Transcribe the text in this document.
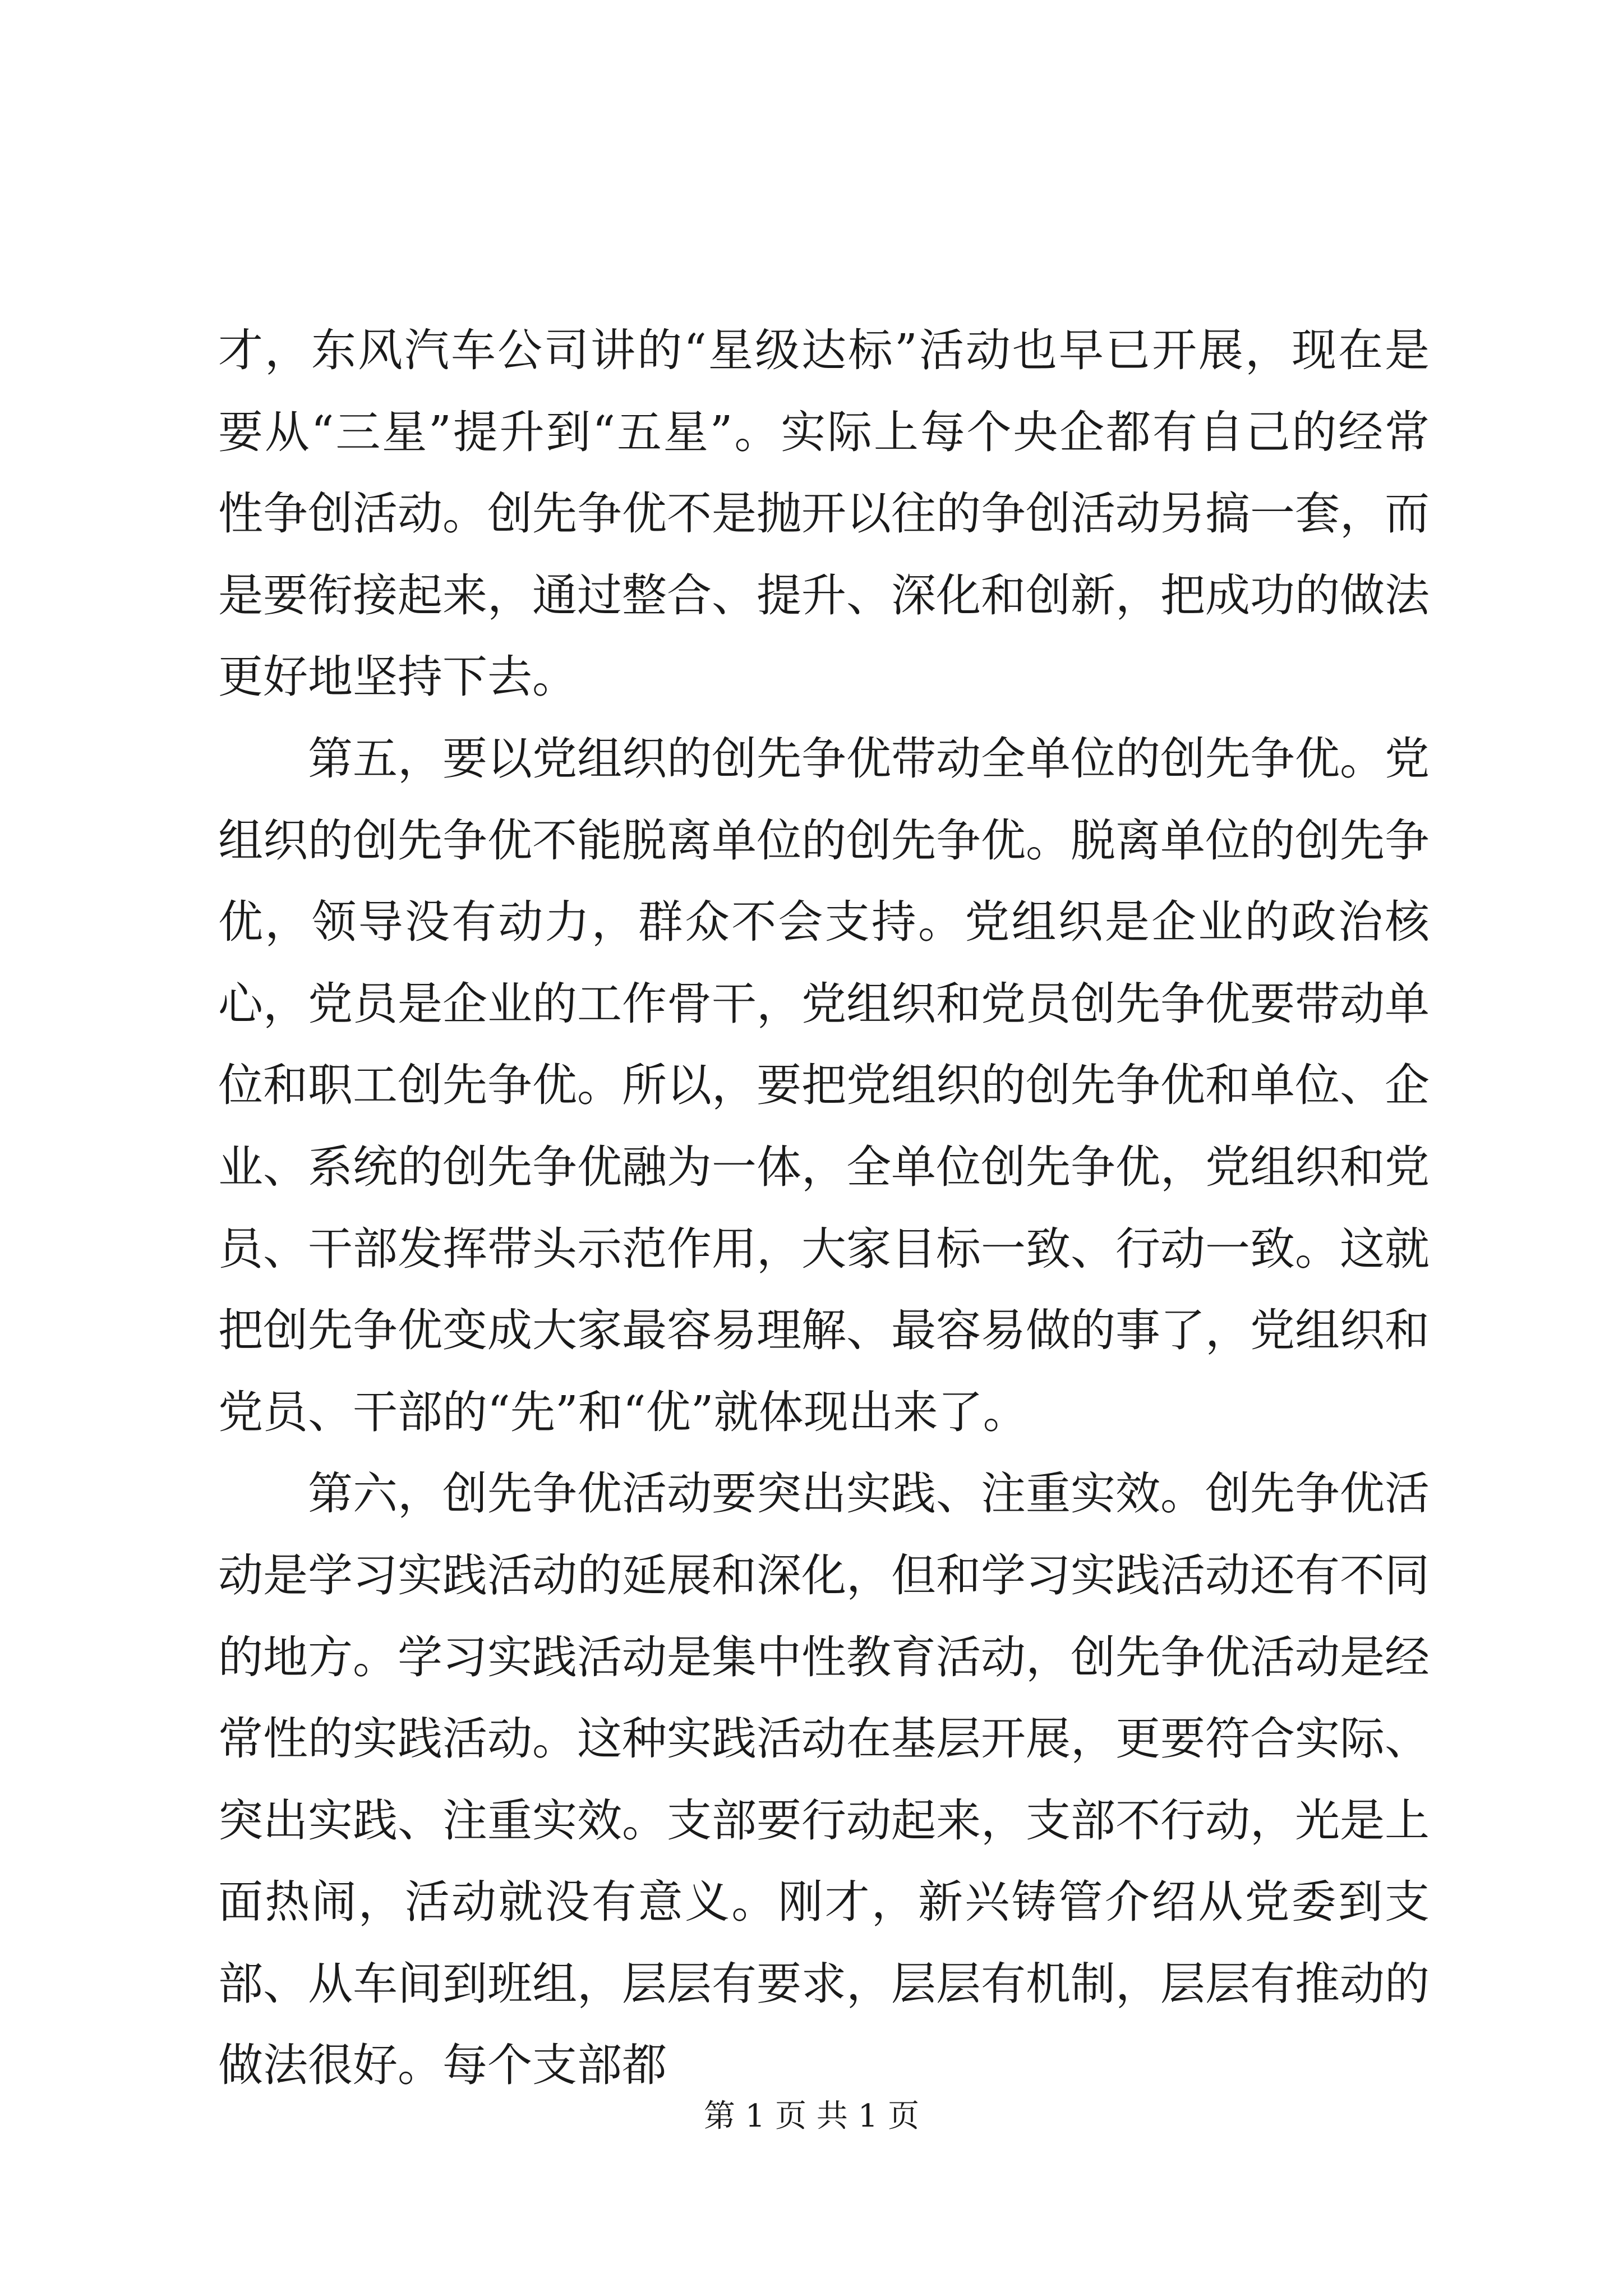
才，东风汽车公司讲的“星级达标”活动也早已开展，现在是要从“三星”提升到“五星”。实际上每个央企都有自己的经常性争创活动。创先争优不是抛开以往的争创活动另搞一套，而是要衔接起来，通过整合、提升、深化和创新，把成功的做法更好地坚持下去。

第五，要以党组织的创先争优带动全单位的创先争优。党组织的创先争优不能脱离单位的创先争优。脱离单位的创先争优，领导没有动力，群众不会支持。党组织是企业的政治核心，党员是企业的工作骨干，党组织和党员创先争优要带动单位和职工创先争优。所以，要把党组织的创先争优和单位、企业、系统的创先争优融为一体，全单位创先争优，党组织和党员、干部发挥带头示范作用，大家目标一致、行动一致。这就把创先争优变成大家最容易理解、最容易做的事了，党组织和党员、干部的“先”和“优”就体现出来了。

第六，创先争优活动要突出实践、注重实效。创先争优活动是学习实践活动的延展和深化，但和学习实践活动还有不同的地方。学习实践活动是集中性教育活动，创先争优活动是经常性的实践活动。这种实践活动在基层开展，更要符合实际、突出实践、注重实效。支部要行动起来，支部不行动，光是上面热闹，活动就没有意义。刚才，新兴铸管介绍从党委到支部、从车间到班组，层层有要求，层层有机制，层层有推动的做法很好。每个支部都

第 1 页 共 1 页
